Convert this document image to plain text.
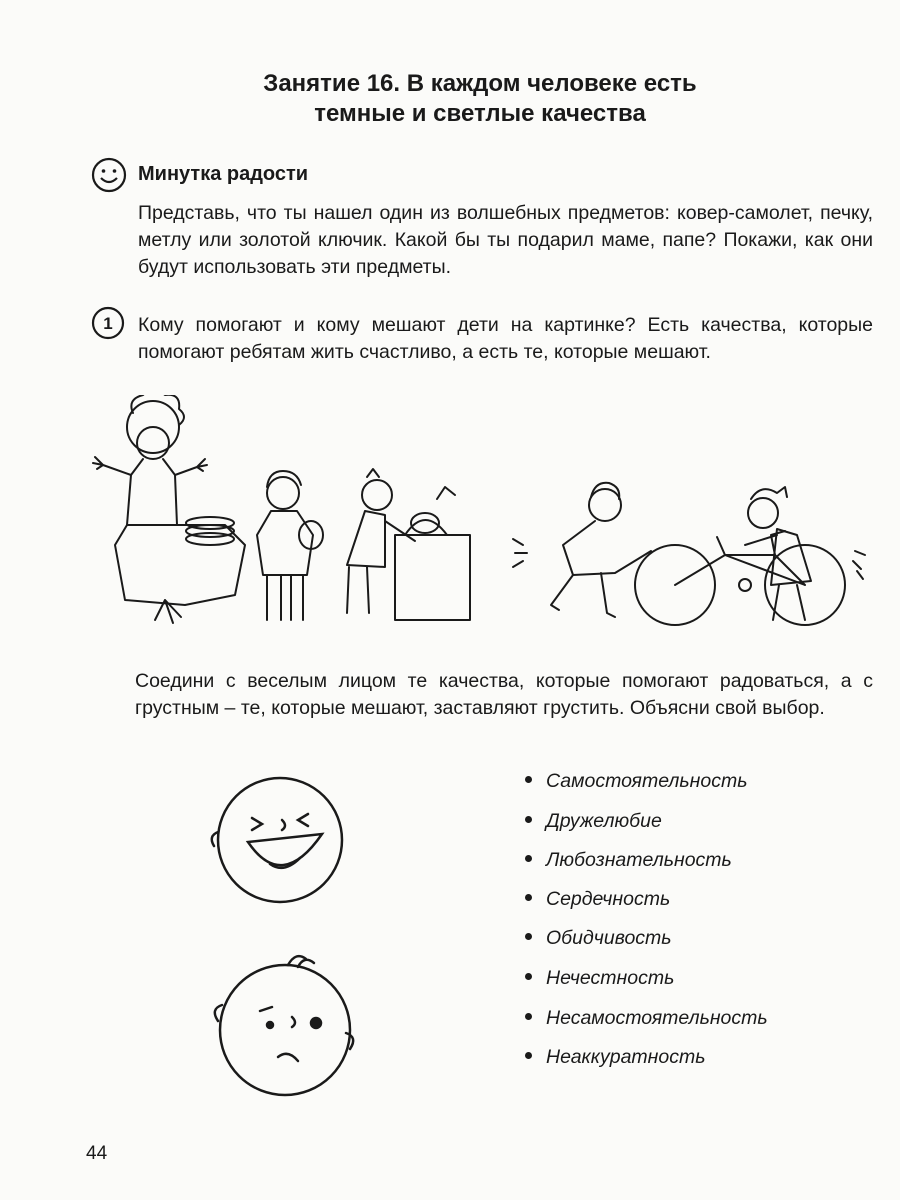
Занятие 16. В каждом человеке есть
темные и светлые качества
Минутка радости
Представь, что ты нашел один из волшебных предметов: ковер-самолет, печку, метлу или золотой ключик. Какой бы ты подарил маме, папе? Покажи, как они будут использовать эти предметы.
1 Кому помогают и кому мешают дети на картинке? Есть качества, которые помогают ребятам жить счастливо, а есть те, которые мешают.
Соедини с веселым лицом те качества, которые помогают радоваться, а с грустным – те, которые мешают, заставляют грустить. Объясни свой выбор.
Самостоятельность
Дружелюбие
Любознательность
Сердечность
Обидчивость
Нечестность
Несамостоятельность
Неаккуратность
44
